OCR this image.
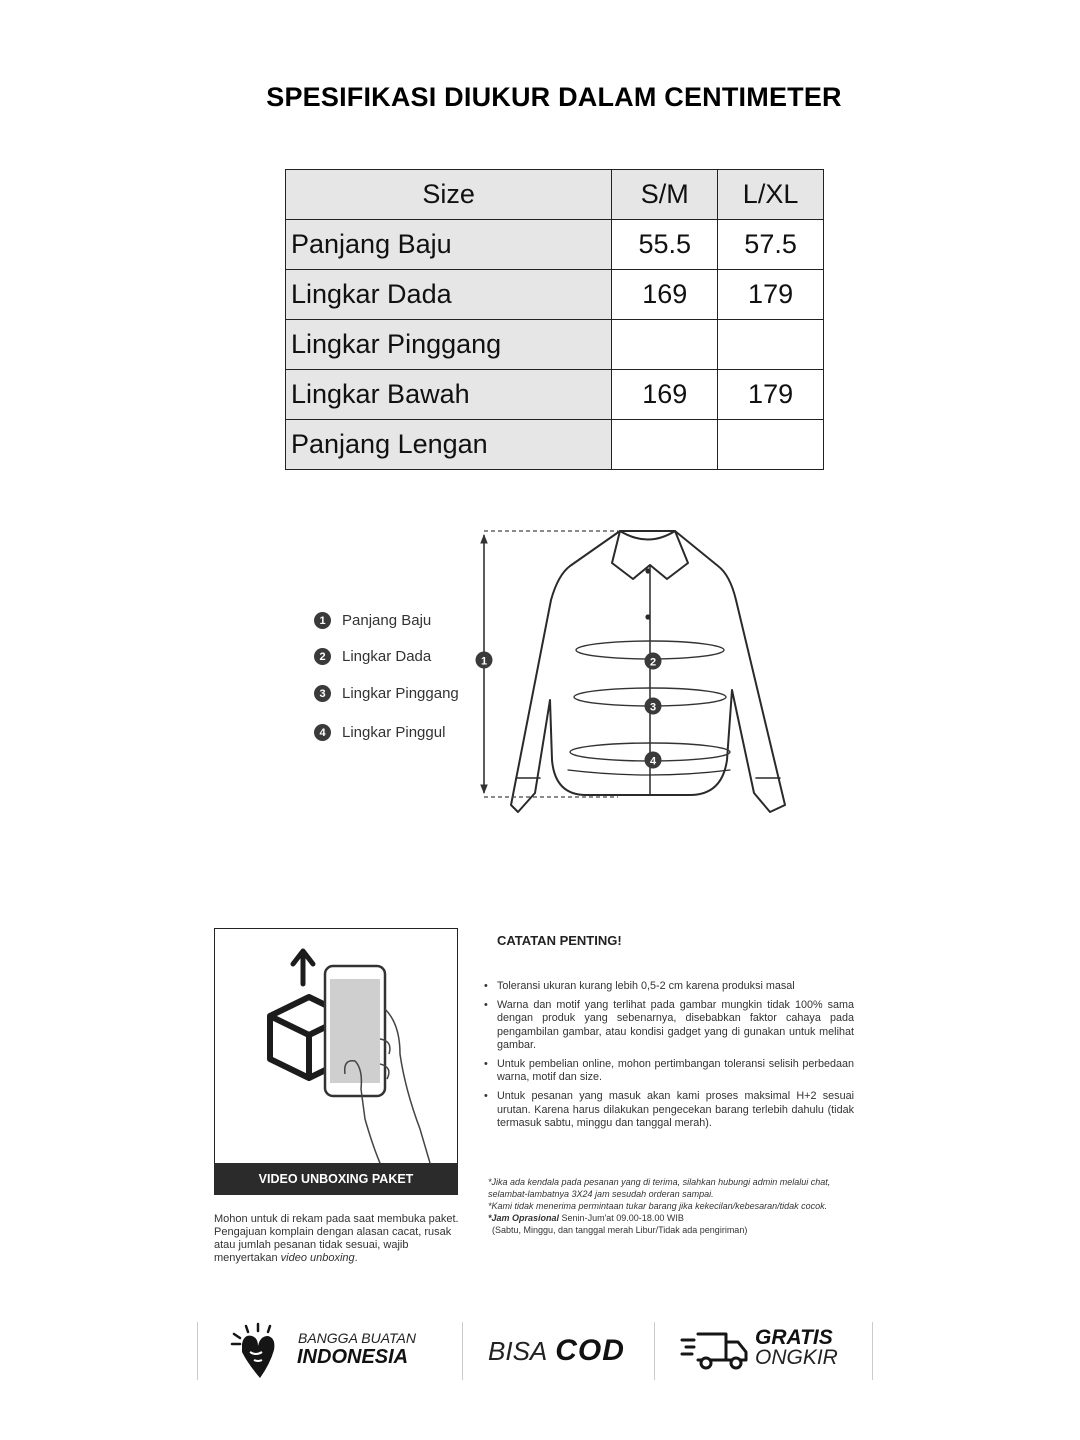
SPESIFIKASI DIUKUR DALAM CENTIMETER
Size	S/M	L/XL
Panjang Baju	55.5	57.5
Lingkar Dada	169	179
Lingkar Pinggang		
Lingkar Bawah	169	179
Panjang Lengan		
1	Panjang Baju
2	Lingkar Dada
3	Lingkar Pinggang
4	Lingkar Pinggul
1	2
3
4
VIDEO UNBOXING PAKET
Mohon untuk di rekam pada saat membuka paket. Pengajuan komplain dengan alasan cacat, rusak atau jumlah pesanan tidak sesuai, wajib menyertakan video unboxing.
CATATAN PENTING!
• Toleransi ukuran kurang lebih 0,5-2 cm karena produksi masal
• Warna dan motif yang terlihat pada gambar mungkin tidak 100% sama dengan produk yang sebenarnya, disebabkan faktor cahaya pada pengambilan gambar, atau kondisi gadget yang di gunakan untuk melihat gambar.
• Untuk pembelian online, mohon pertimbangan toleransi selisih perbedaan warna, motif dan size.
• Untuk pesanan yang masuk akan kami proses maksimal H+2 sesuai urutan. Karena harus dilakukan pengecekan barang terlebih dahulu (tidak termasuk sabtu, minggu dan tanggal merah).
*Jika ada kendala pada pesanan yang di terima, silahkan hubungi admin melalui chat, selambat-lambatnya 3X24 jam sesudah orderan sampai.
*Kami tidak menerima permintaan tukar barang jika kekecilan/kebesaran/tidak cocok.
*Jam Oprasional Senin-Jum'at 09.00-18.00 WIB
(Sabtu, Minggu, dan tanggal merah Libur/Tidak ada pengiriman)
BANGGA BUATAN
INDONESIA	BISA COD	GRATIS
ONGKIR
